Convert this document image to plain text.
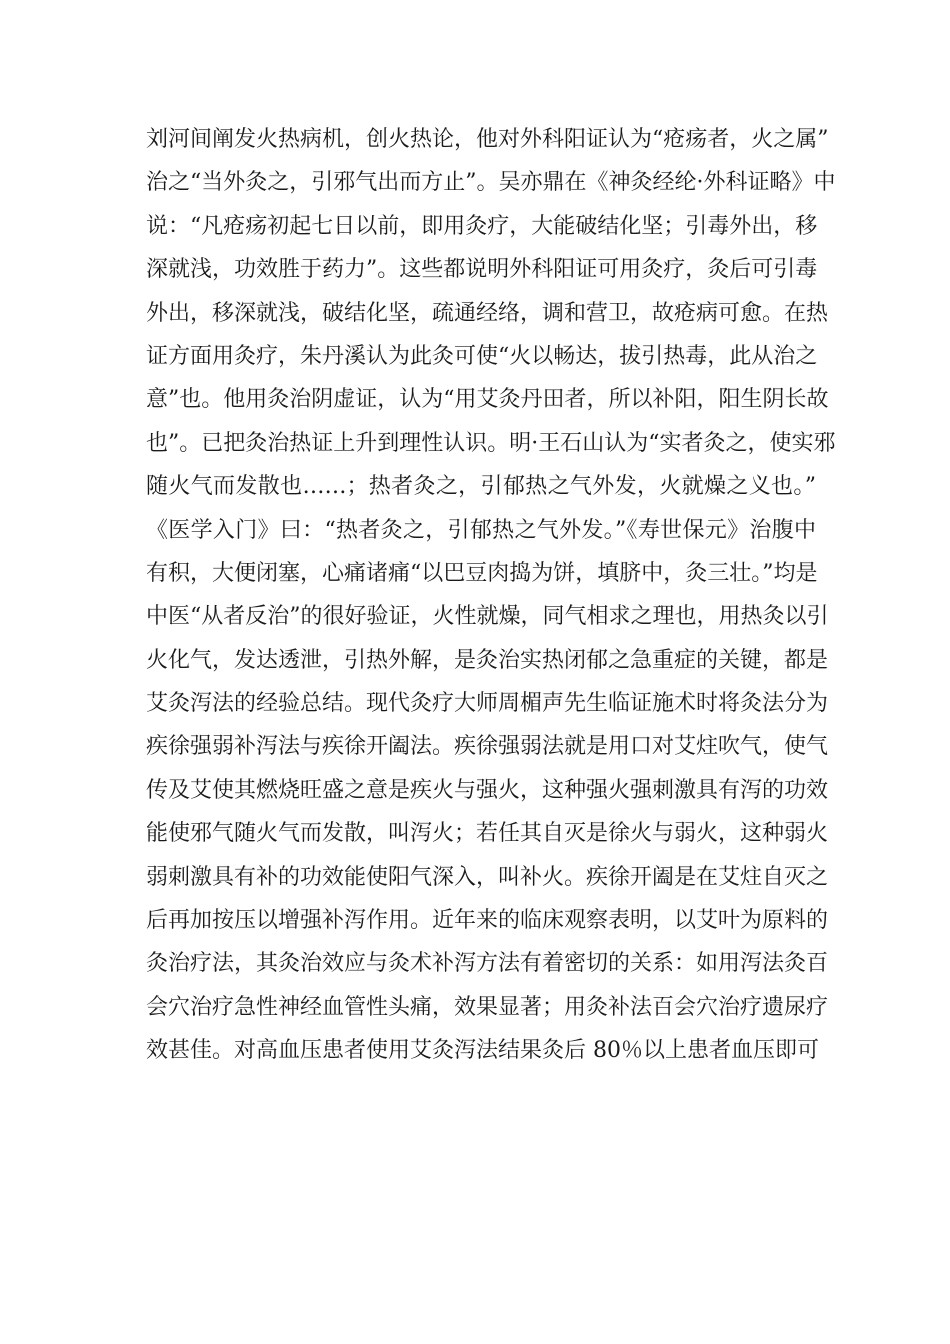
刘河间阐发火热病机，创火热论，他对外科阳证认为“疮疡者，火之属”
治之“当外灸之，引邪气出而方止”。吴亦鼎在《神灸经纶·外科证略》中
说：“凡疮疡初起七日以前，即用灸疗，大能破结化坚；引毒外出，移
深就浅，功效胜于药力”。这些都说明外科阳证可用灸疗，灸后可引毒
外出，移深就浅，破结化坚，疏通经络，调和营卫，故疮病可愈。在热
证方面用灸疗，朱丹溪认为此灸可使“火以畅达，拔引热毒，此从治之
意”也。他用灸治阴虚证，认为“用艾灸丹田者，所以补阳，阳生阴长故
也”。已把灸治热证上升到理性认识。明·王石山认为“实者灸之，使实邪
随火气而发散也……；热者灸之，引郁热之气外发，火就燥之义也。”
《医学入门》曰：“热者灸之，引郁热之气外发。”《寿世保元》治腹中
有积，大便闭塞，心痛诸痛“以巴豆肉捣为饼，填脐中，灸三壮。”均是
中医“从者反治”的很好验证，火性就燥，同气相求之理也，用热灸以引
火化气，发达透泄，引热外解，是灸治实热闭郁之急重症的关键，都是
艾灸泻法的经验总结。现代灸疗大师周楣声先生临证施术时将灸法分为
疾徐强弱补泻法与疾徐开阖法。疾徐强弱法就是用口对艾炷吹气，使气
传及艾使其燃烧旺盛之意是疾火与强火，这种强火强刺激具有泻的功效
能使邪气随火气而发散，叫泻火；若任其自灭是徐火与弱火，这种弱火
弱刺激具有补的功效能使阳气深入，叫补火。疾徐开阖是在艾炷自灭之
后再加按压以增强补泻作用。近年来的临床观察表明，以艾叶为原料的
灸治疗法，其灸治效应与灸术补泻方法有着密切的关系：如用泻法灸百
会穴治疗急性神经血管性头痛，效果显著；用灸补法百会穴治疗遗尿疗
效甚佳。对高血压患者使用艾灸泻法结果灸后 80％以上患者血压即可
